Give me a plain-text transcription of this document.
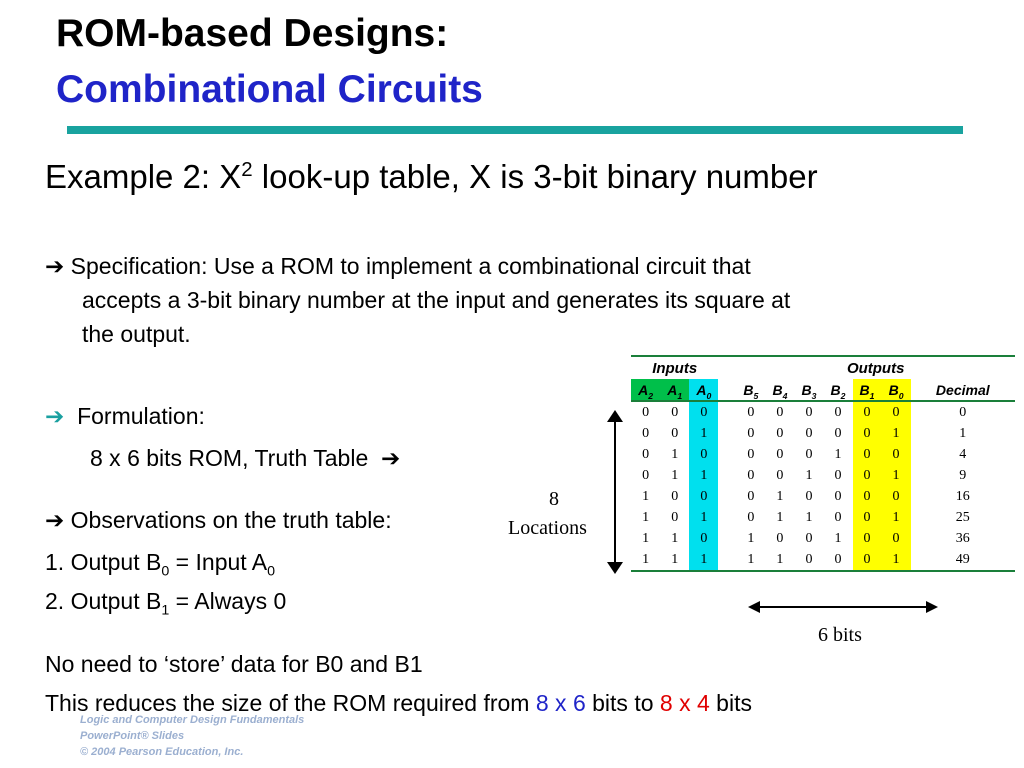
ROM-based Designs:
Combinational Circuits
Example 2: $X^2$ look-up table, X is 3-bit binary number
➔ Specification: Use a ROM to implement a combinational circuit that
accepts a 3-bit binary number at the input and generates its square at
the output.
➔ Formulation:
8 x 6 bits ROM, Truth Table ➔
➔ Observations on the truth table:
1. Output $B_0$ = Input $A_0$
2. Output $B_1$ = Always 0
No need to ‘store’ data for B0 and B1
This reduces the size of the ROM required from 8 x 6 bits to 8 x 4 bits
Logic and Computer Design Fundamentals
PowerPoint® Slides
© 2004 Pearson Education, Inc.
Inputs				Outputs						
$A_2$	$A_1$	$A_0$		$B_5$	$B_4$	$B_3$	$B_2$	$B_1$	$B_0$	Decimal
0	0	0		0	0	0	0	0	0	0
0	0	1		0	0	0	0	0	1	1
0	1	0		0	0	0	1	0	0	4
0	1	1		0	0	1	0	0	1	9
1	0	0		0	1	0	0	0	0	16
1	0	1		0	1	1	0	0	1	25
1	1	0		1	0	0	1	0	0	36
1	1	1		1	1	0	0	0	1	49
8
Locations
6 bits
